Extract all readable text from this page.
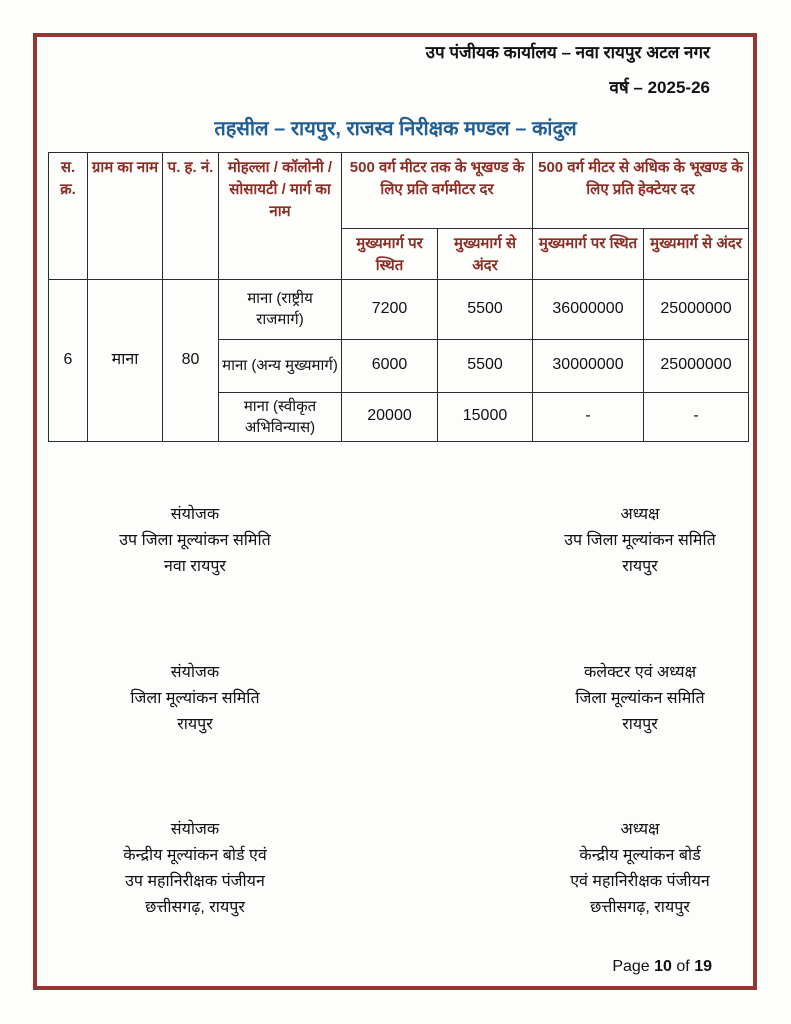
उप पंजीयक कार्यालय – नवा रायपुर अटल नगर
वर्ष – 2025-26
तहसील – रायपुर, राजस्व निरीक्षक मण्डल – कांदुल
स. क्र.	ग्राम का नाम	प. ह. नं.	मोहल्ला / कॉलोनी / सोसायटी / मार्ग का नाम	500 वर्ग मीटर तक के भूखण्ड के लिए प्रति वर्गमीटर दर		500 वर्ग मीटर से अधिक के भूखण्ड के लिए प्रति हेक्टेयर दर	
				मुख्यमार्ग पर स्थित	मुख्यमार्ग से अंदर	मुख्यमार्ग पर स्थित	मुख्यमार्ग से अंदर
6	माना	80	माना (राष्ट्रीय राजमार्ग)	7200	5500	36000000	25000000
			माना (अन्य मुख्यमार्ग)	6000	5500	30000000	25000000
			माना (स्वीकृत अभिविन्यास)	20000	15000	-	-
संयोजक
उप जिला मूल्यांकन समिति
नवा रायपुर
अध्यक्ष
उप जिला मूल्यांकन समिति
रायपुर
संयोजक
जिला मूल्यांकन समिति
रायपुर
कलेक्टर एवं अध्यक्ष
जिला मूल्यांकन समिति
रायपुर
संयोजक
केन्द्रीय मूल्यांकन बोर्ड एवं
उप महानिरीक्षक पंजीयन
छत्तीसगढ़, रायपुर
अध्यक्ष
केन्द्रीय मूल्यांकन बोर्ड
एवं महानिरीक्षक पंजीयन
छत्तीसगढ़, रायपुर
Page 10 of 19
